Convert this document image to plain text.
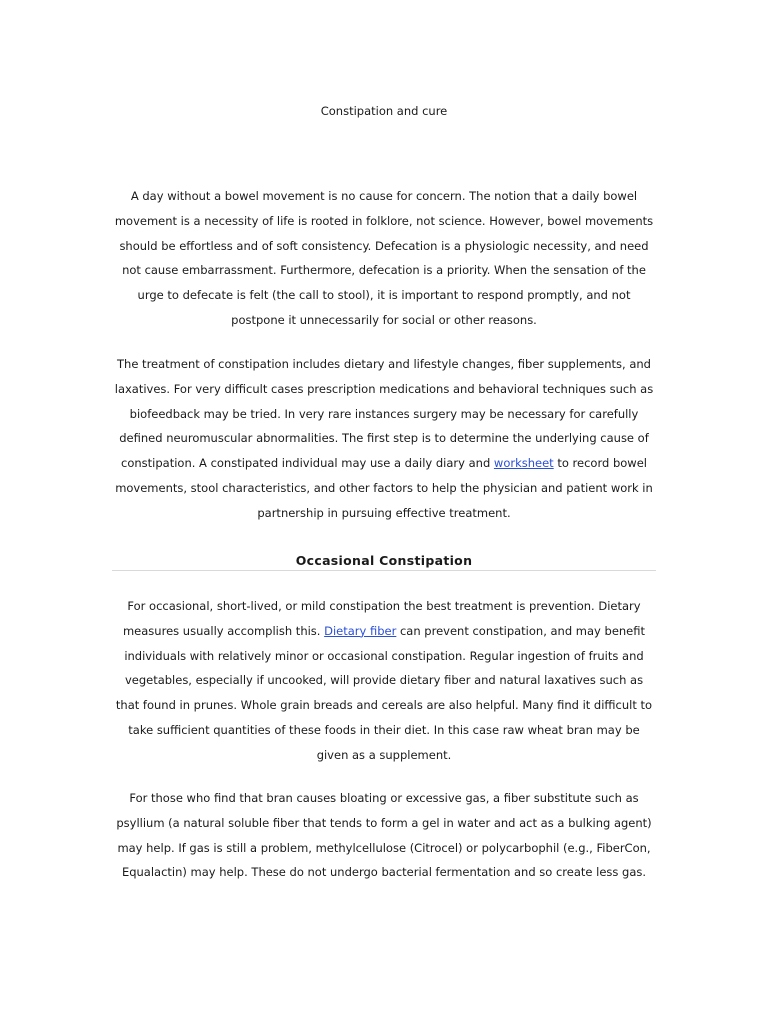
Constipation and cure

A day without a bowel movement is no cause for concern. The notion that a daily bowel movement is a necessity of life is rooted in folklore, not science. However, bowel movements should be effortless and of soft consistency. Defecation is a physiologic necessity, and need not cause embarrassment. Furthermore, defecation is a priority. When the sensation of the urge to defecate is felt (the call to stool), it is important to respond promptly, and not postpone it unnecessarily for social or other reasons.

The treatment of constipation includes dietary and lifestyle changes, fiber supplements, and laxatives. For very difficult cases prescription medications and behavioral techniques such as biofeedback may be tried. In very rare instances surgery may be necessary for carefully defined neuromuscular abnormalities. The first step is to determine the underlying cause of constipation. A constipated individual may use a daily diary and worksheet to record bowel movements, stool characteristics, and other factors to help the physician and patient work in partnership in pursuing effective treatment.

Occasional Constipation

For occasional, short-lived, or mild constipation the best treatment is prevention. Dietary measures usually accomplish this. Dietary fiber can prevent constipation, and may benefit individuals with relatively minor or occasional constipation. Regular ingestion of fruits and vegetables, especially if uncooked, will provide dietary fiber and natural laxatives such as that found in prunes. Whole grain breads and cereals are also helpful. Many find it difficult to take sufficient quantities of these foods in their diet. In this case raw wheat bran may be given as a supplement.

For those who find that bran causes bloating or excessive gas, a fiber substitute such as psyllium (a natural soluble fiber that tends to form a gel in water and act as a bulking agent) may help. If gas is still a problem, methylcellulose (Citrocel) or polycarbophil (e.g., FiberCon, Equalactin) may help. These do not undergo bacterial fermentation and so create less gas.
